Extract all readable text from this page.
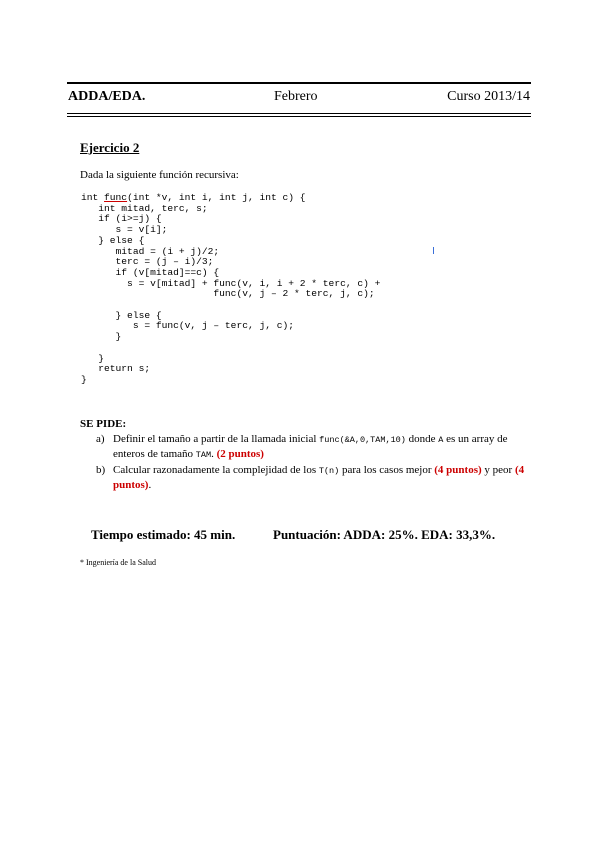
ADDA/EDA.	Febrero	Curso 2013/14
Ejercicio 2
Dada la siguiente función recursiva:
int func(int *v, int i, int j, int c) {
int mitad, terc, s;
if (i>=j) {
s = v[i];
} else {
mitad = (i + j)/2;
terc = (j – i)/3;
if (v[mitad]==c) {
s = v[mitad] + func(v, i, i + 2 * terc, c) +
func(v, j – 2 * terc, j, c);

} else {
s = func(v, j – terc, j, c);
}

}
return s;
}
SE PIDE:
a) Definir el tamaño a partir de la llamada inicial func(&A,0,TAM,10) donde A es un array de enteros de tamaño TAM. (2 puntos)
b) Calcular razonadamente la complejidad de los T(n) para los casos mejor (4 puntos) y peor (4 puntos).
Tiempo estimado: 45 min.	Puntuación: ADDA: 25%. EDA: 33,3%.
* Ingeniería de la Salud
